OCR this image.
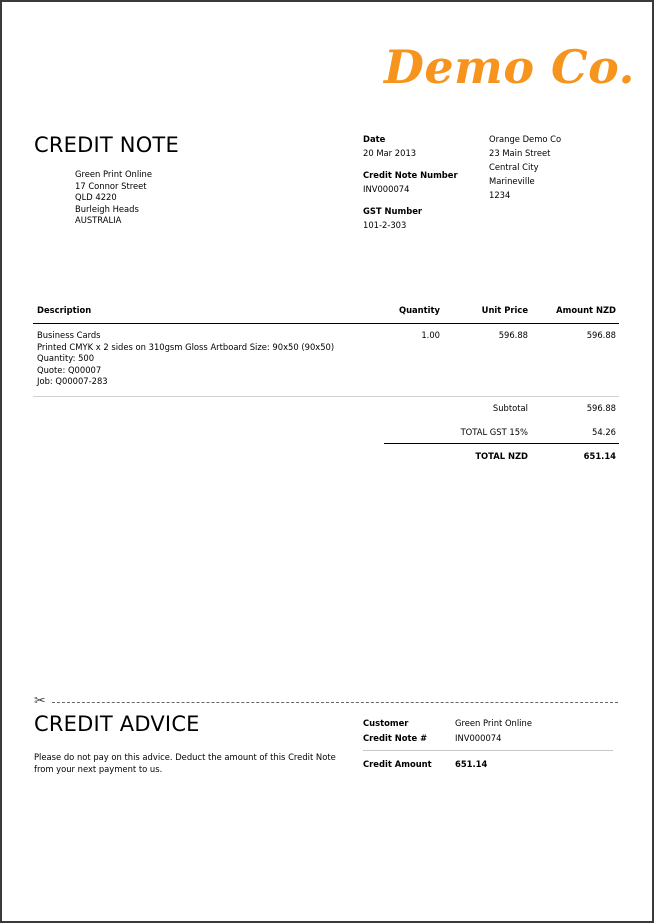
Demo Co.
CREDIT NOTE
Green Print Online
17 Connor Street
QLD 4220
Burleigh Heads
AUSTRALIA
Date
20 Mar 2013
Credit Note Number
INV000074
GST Number
101-2-303
Orange Demo Co
23 Main Street
Central City
Marineville
1234
Description	Quantity	Unit Price	Amount NZD
Business Cards
Printed CMYK x 2 sides on 310gsm Gloss Artboard Size: 90x50 (90x50)
Quantity: 500
Quote: Q00007
Job: Q00007-283
1.00	596.88	596.88
Subtotal	596.88
TOTAL GST 15%	54.26
TOTAL NZD	651.14
✂
CREDIT ADVICE
Please do not pay on this advice. Deduct the amount of this Credit Note
from your next payment to us.
Customer	Green Print Online
Credit Note #	INV000074
Credit Amount	651.14
